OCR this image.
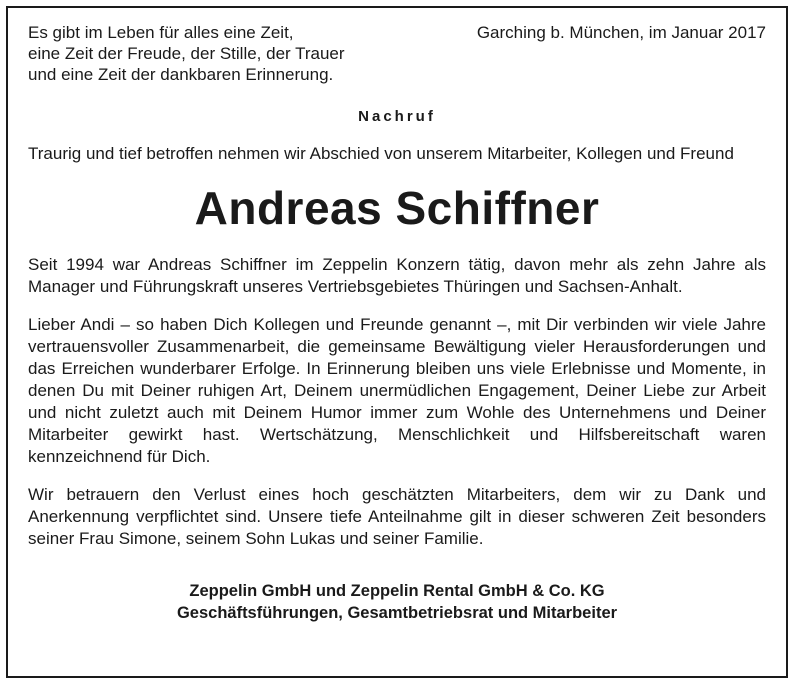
Es gibt im Leben für alles eine Zeit,
eine Zeit der Freude, der Stille, der Trauer
und eine Zeit der dankbaren Erinnerung.
Garching b. München, im Januar 2017
Nachruf
Traurig und tief betroffen nehmen wir Abschied von unserem Mitarbeiter, Kollegen und Freund
Andreas Schiffner

Seit 1994 war Andreas Schiffner im Zeppelin Konzern tätig, davon mehr als zehn Jahre als Manager und Führungskraft unseres Vertriebsgebietes Thüringen und Sachsen-Anhalt.

Lieber Andi – so haben Dich Kollegen und Freunde genannt –, mit Dir verbinden wir viele Jahre vertrauensvoller Zusammenarbeit, die gemeinsame Bewältigung vieler Herausforderungen und das Erreichen wunderbarer Erfolge. In Erinnerung bleiben uns viele Erlebnisse und Momente, in denen Du mit Deiner ruhigen Art, Deinem unermüdlichen Engagement, Deiner Liebe zur Arbeit und nicht zuletzt auch mit Deinem Humor immer zum Wohle des Unternehmens und Deiner Mitarbeiter gewirkt hast. Wertschätzung, Menschlichkeit und Hilfsbereitschaft waren kennzeichnend für Dich.

Wir betrauern den Verlust eines hoch geschätzten Mitarbeiters, dem wir zu Dank und Anerkennung verpflichtet sind. Unsere tiefe Anteilnahme gilt in dieser schweren Zeit besonders seiner Frau Simone, seinem Sohn Lukas und seiner Familie.

Zeppelin GmbH und Zeppelin Rental GmbH & Co. KG
Geschäftsführungen, Gesamtbetriebsrat und Mitarbeiter
